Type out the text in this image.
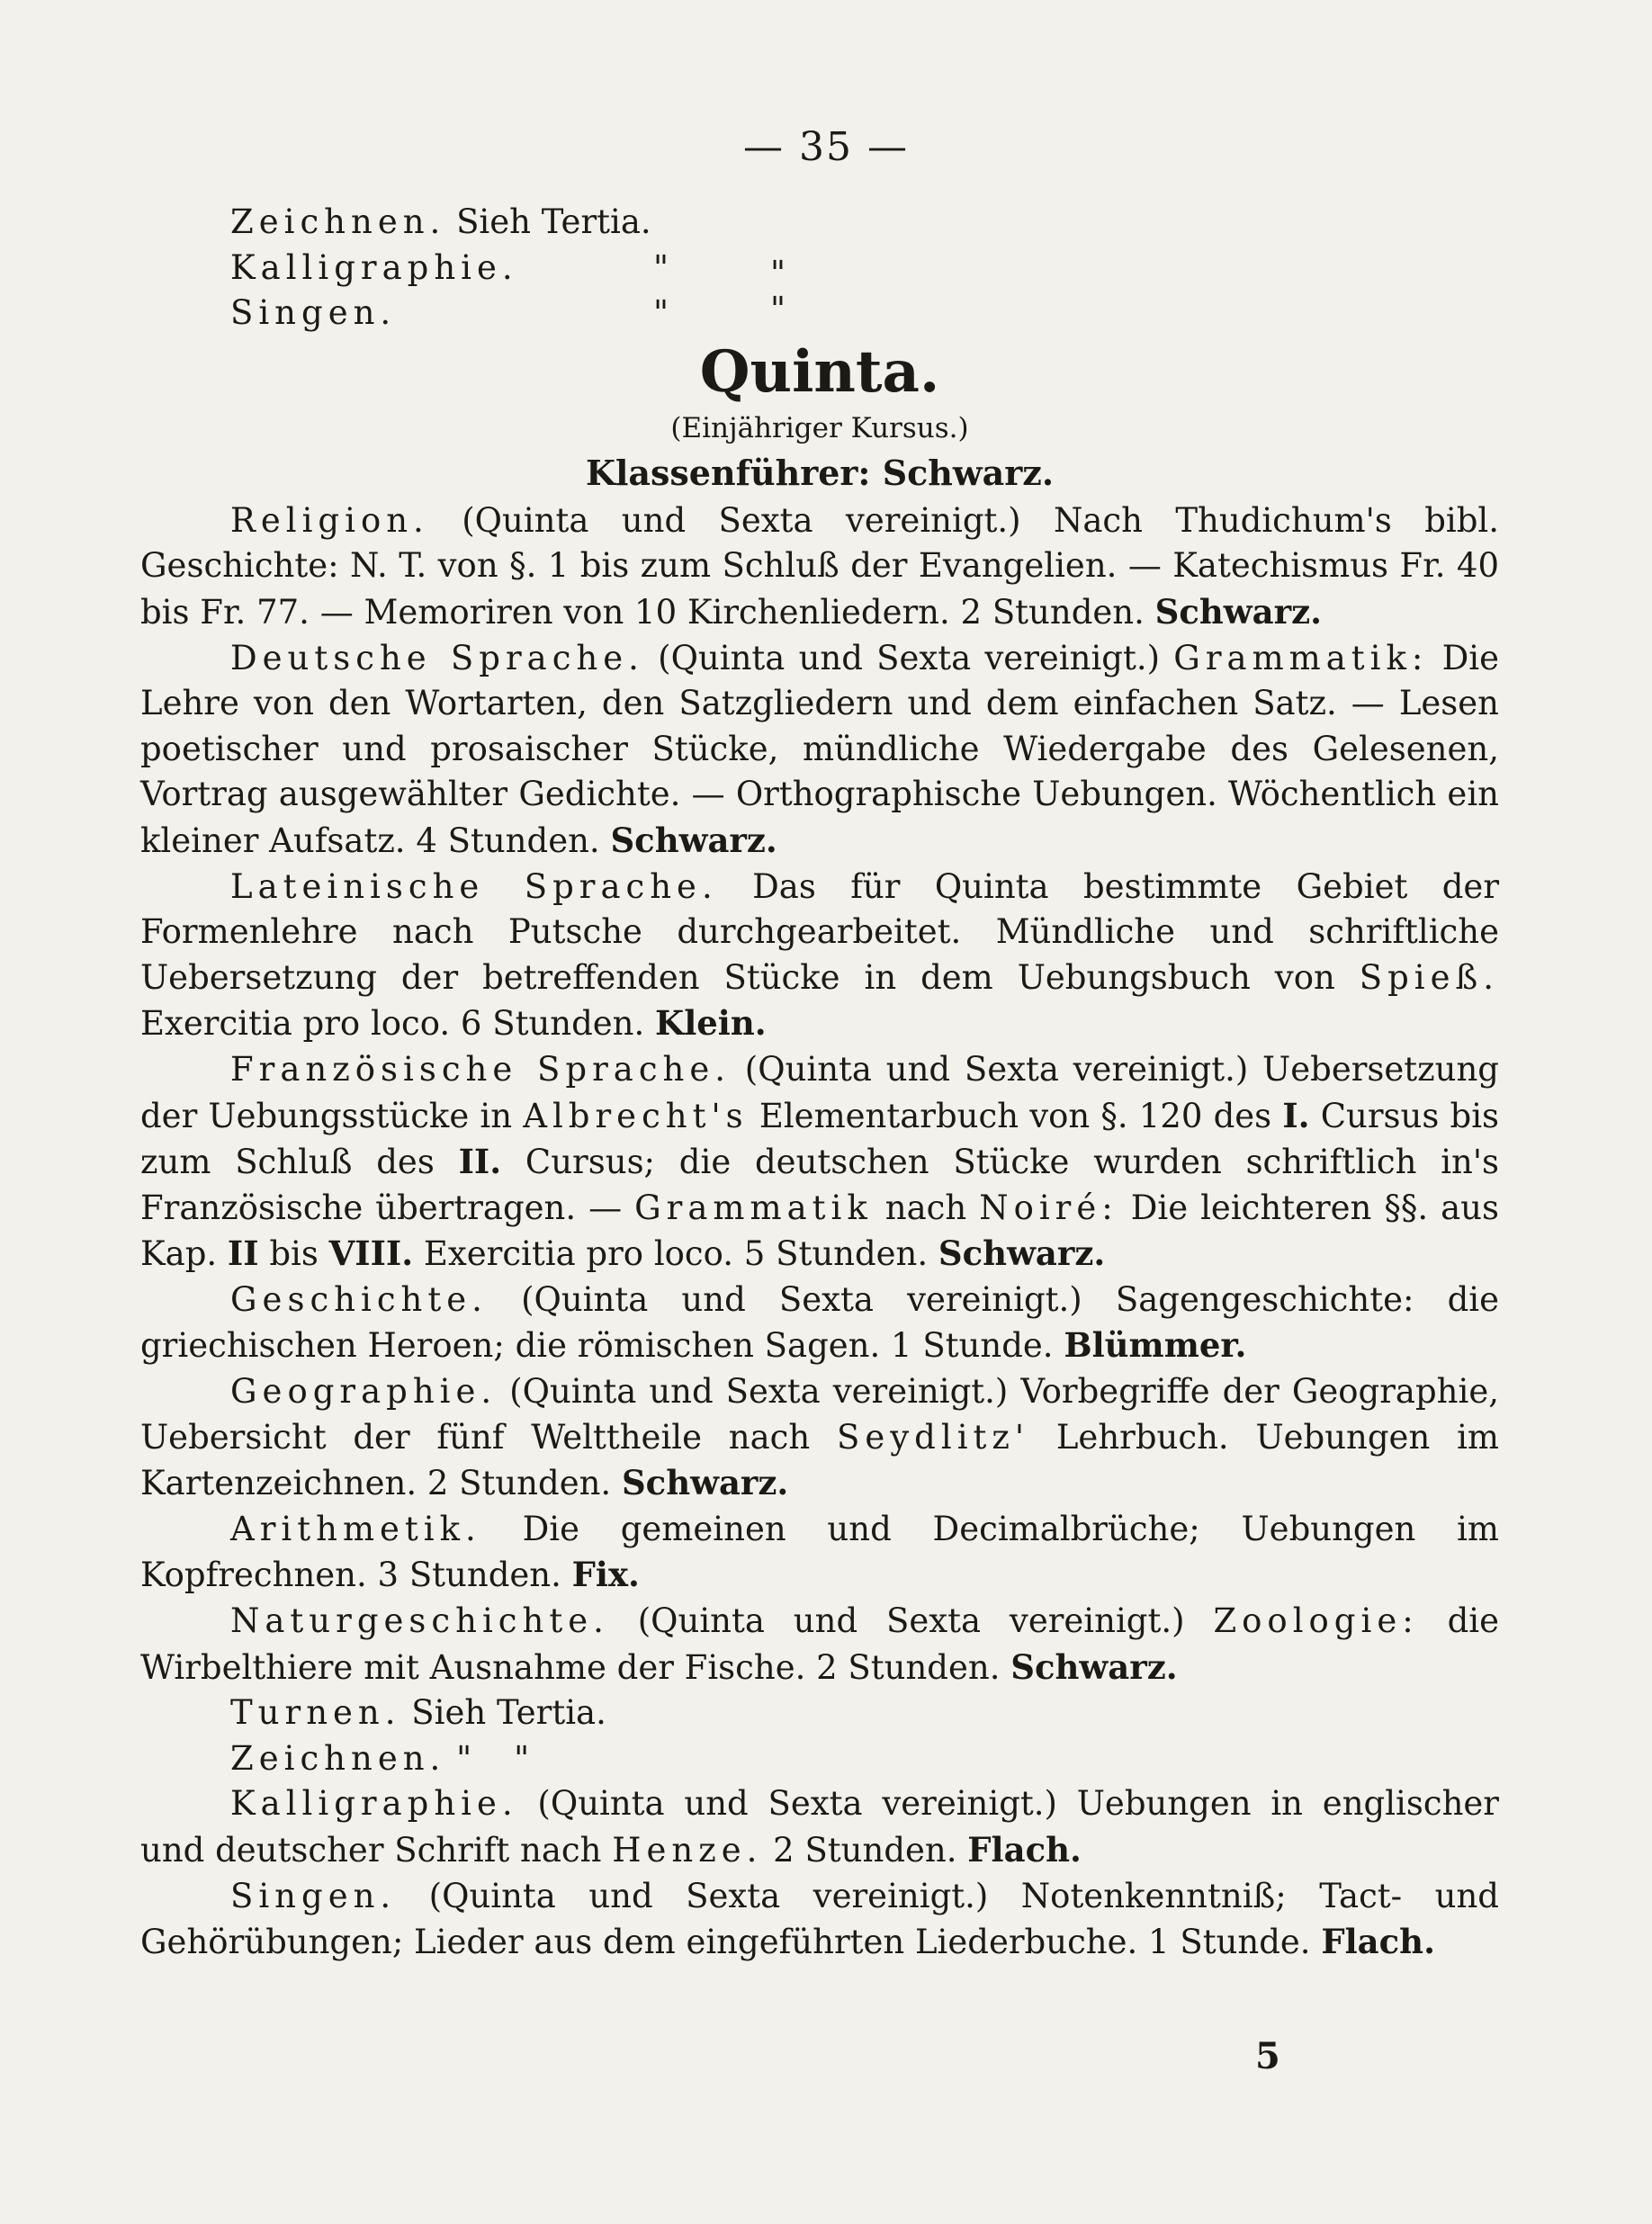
— 35 —

Zeichnen. Sieh Tertia.

Kalligraphie.	"	"

Singen.	"	"

Quinta.

(Einjähriger Kursus.)

Klassenführer: Schwarz.

Religion. (Quinta und Sexta vereinigt.) Nach Thudichum's bibl. Geschichte: N. T. von §. 1 bis zum Schluß der Evangelien. — Katechismus Fr. 40 bis Fr. 77. — Memoriren von 10 Kirchenliedern. 2 Stunden. Schwarz.

Deutsche Sprache. (Quinta und Sexta vereinigt.) Grammatik: Die Lehre von den Wortarten, den Satzgliedern und dem einfachen Satz. — Lesen poetischer und prosaischer Stücke, mündliche Wiedergabe des Gelesenen, Vortrag ausgewählter Gedichte. — Orthographische Uebungen. Wöchentlich ein kleiner Aufsatz. 4 Stunden. Schwarz.

Lateinische Sprache. Das für Quinta bestimmte Gebiet der Formenlehre nach Putsche durchgearbeitet. Mündliche und schriftliche Uebersetzung der betreffenden Stücke in dem Uebungsbuch von Spieß. Exercitia pro loco. 6 Stunden. Klein.

Französische Sprache. (Quinta und Sexta vereinigt.) Uebersetzung der Uebungsstücke in Albrecht's Elementarbuch von §. 120 des I. Cursus bis zum Schluß des II. Cursus; die deutschen Stücke wurden schriftlich in's Französische übertragen. — Grammatik nach Noiré: Die leichteren §§. aus Kap. II bis VIII. Exercitia pro loco. 5 Stunden. Schwarz.

Geschichte. (Quinta und Sexta vereinigt.) Sagengeschichte: die griechischen Heroen; die römischen Sagen. 1 Stunde. Blümmer.

Geographie. (Quinta und Sexta vereinigt.) Vorbegriffe der Geographie, Uebersicht der fünf Welttheile nach Seydlitz' Lehrbuch. Uebungen im Kartenzeichnen. 2 Stunden. Schwarz.

Arithmetik. Die gemeinen und Decimalbrüche; Uebungen im Kopfrechnen. 3 Stunden. Fix.

Naturgeschichte. (Quinta und Sexta vereinigt.) Zoologie: die Wirbelthiere mit Ausnahme der Fische. 2 Stunden. Schwarz.

Turnen. Sieh Tertia.

Zeichnen. "    "

Kalligraphie. (Quinta und Sexta vereinigt.) Uebungen in englischer und deutscher Schrift nach Henze. 2 Stunden. Flach.

Singen. (Quinta und Sexta vereinigt.) Notenkenntniß; Tact- und Gehörübungen; Lieder aus dem eingeführten Liederbuche. 1 Stunde. Flach.

5
